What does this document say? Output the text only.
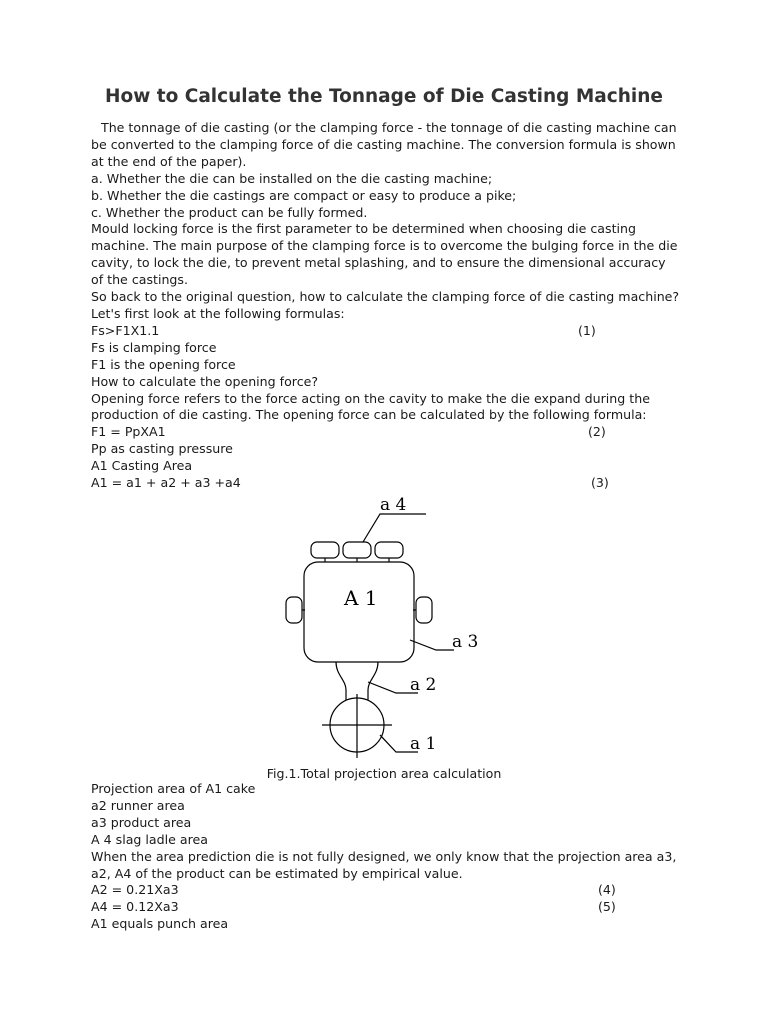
How to Calculate the Tonnage of Die Casting Machine

The tonnage of die casting (or the clamping force - the tonnage of die casting machine can be converted to the clamping force of die casting machine. The conversion formula is shown at the end of the paper).

a. Whether the die can be installed on the die casting machine;

b. Whether the die castings are compact or easy to produce a pike;

c. Whether the product can be fully formed.

Mould locking force is the first parameter to be determined when choosing die casting machine. The main purpose of the clamping force is to overcome the bulging force in the die cavity, to lock the die, to prevent metal splashing, and to ensure the dimensional accuracy of the castings.

So back to the original question, how to calculate the clamping force of die casting machine? Let's first look at the following formulas:

Fs>F1X1.1	(1)

Fs is clamping force

F1 is the opening force

How to calculate the opening force?

Opening force refers to the force acting on the cavity to make the die expand during the production of die casting. The opening force can be calculated by the following formula:

F1 = PpXA1	(2)

Pp as casting pressure

A1 Casting Area

A1 = a1 + a2 + a3 +a4	(3)

a 4
A 1
a 3
a 2
a 1
Fig.1.Total projection area calculation

Projection area of A1 cake

a2 runner area

a3 product area

A 4 slag ladle area

When the area prediction die is not fully designed, we only know that the projection area a3, a2, A4 of the product can be estimated by empirical value.

A2 = 0.21Xa3	(4)

A4 = 0.12Xa3	(5)

A1 equals punch area
